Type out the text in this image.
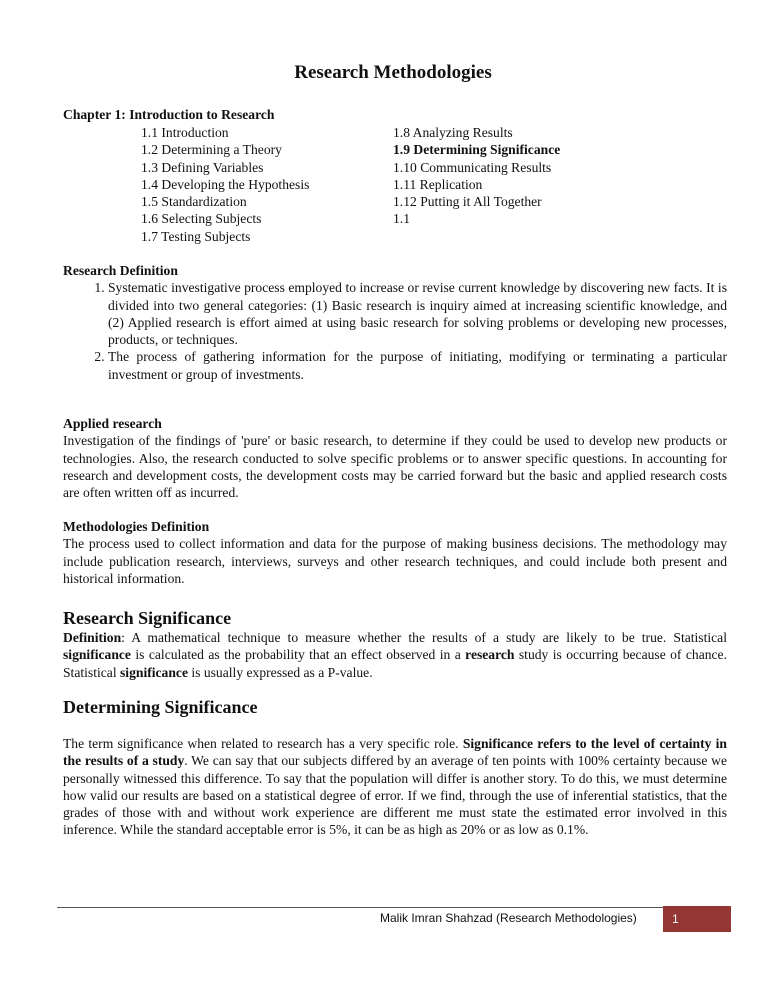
Research Methodologies
Chapter 1: Introduction to Research
1.1 Introduction
1.2 Determining a Theory
1.3 Defining Variables
1.4 Developing the Hypothesis
1.5 Standardization
1.6 Selecting Subjects
1.7 Testing Subjects
1.8 Analyzing Results
1.9 Determining Significance
1.10 Communicating Results
1.11 Replication
1.12 Putting it All Together
1.1
Research Definition
1. Systematic investigative process employed to increase or revise current knowledge by discovering new facts. It is divided into two general categories: (1) Basic research is inquiry aimed at increasing scientific knowledge, and (2) Applied research is effort aimed at using basic research for solving problems or developing new processes, products, or techniques.
2. The process of gathering information for the purpose of initiating, modifying or terminating a particular investment or group of investments.
Applied research

Investigation of the findings of 'pure' or basic research, to determine if they could be used to develop new products or technologies. Also, the research conducted to solve specific problems or to answer specific questions. In accounting for research and development costs, the development costs may be carried forward but the basic and applied research costs are often written off as incurred.

Methodologies Definition

The process used to collect information and data for the purpose of making business decisions. The methodology may include publication research, interviews, surveys and other research techniques, and could include both present and historical information.

Research Significance

Definition: A mathematical technique to measure whether the results of a study are likely to be true. Statistical significance is calculated as the probability that an effect observed in a research study is occurring because of chance. Statistical significance is usually expressed as a P-value.

Determining Significance

The term significance when related to research has a very specific role. Significance refers to the level of certainty in the results of a study. We can say that our subjects differed by an average of ten points with 100% certainty because we personally witnessed this difference. To say that the population will differ is another story. To do this, we must determine how valid our results are based on a statistical degree of error. If we find, through the use of inferential statistics, that the grades of those with and without work experience are different me must state the estimated error involved in this inference. While the standard acceptable error is 5%, it can be as high as 20% or as low as 0.1%.

Malik Imran Shahzad (Research Methodologies)	1
